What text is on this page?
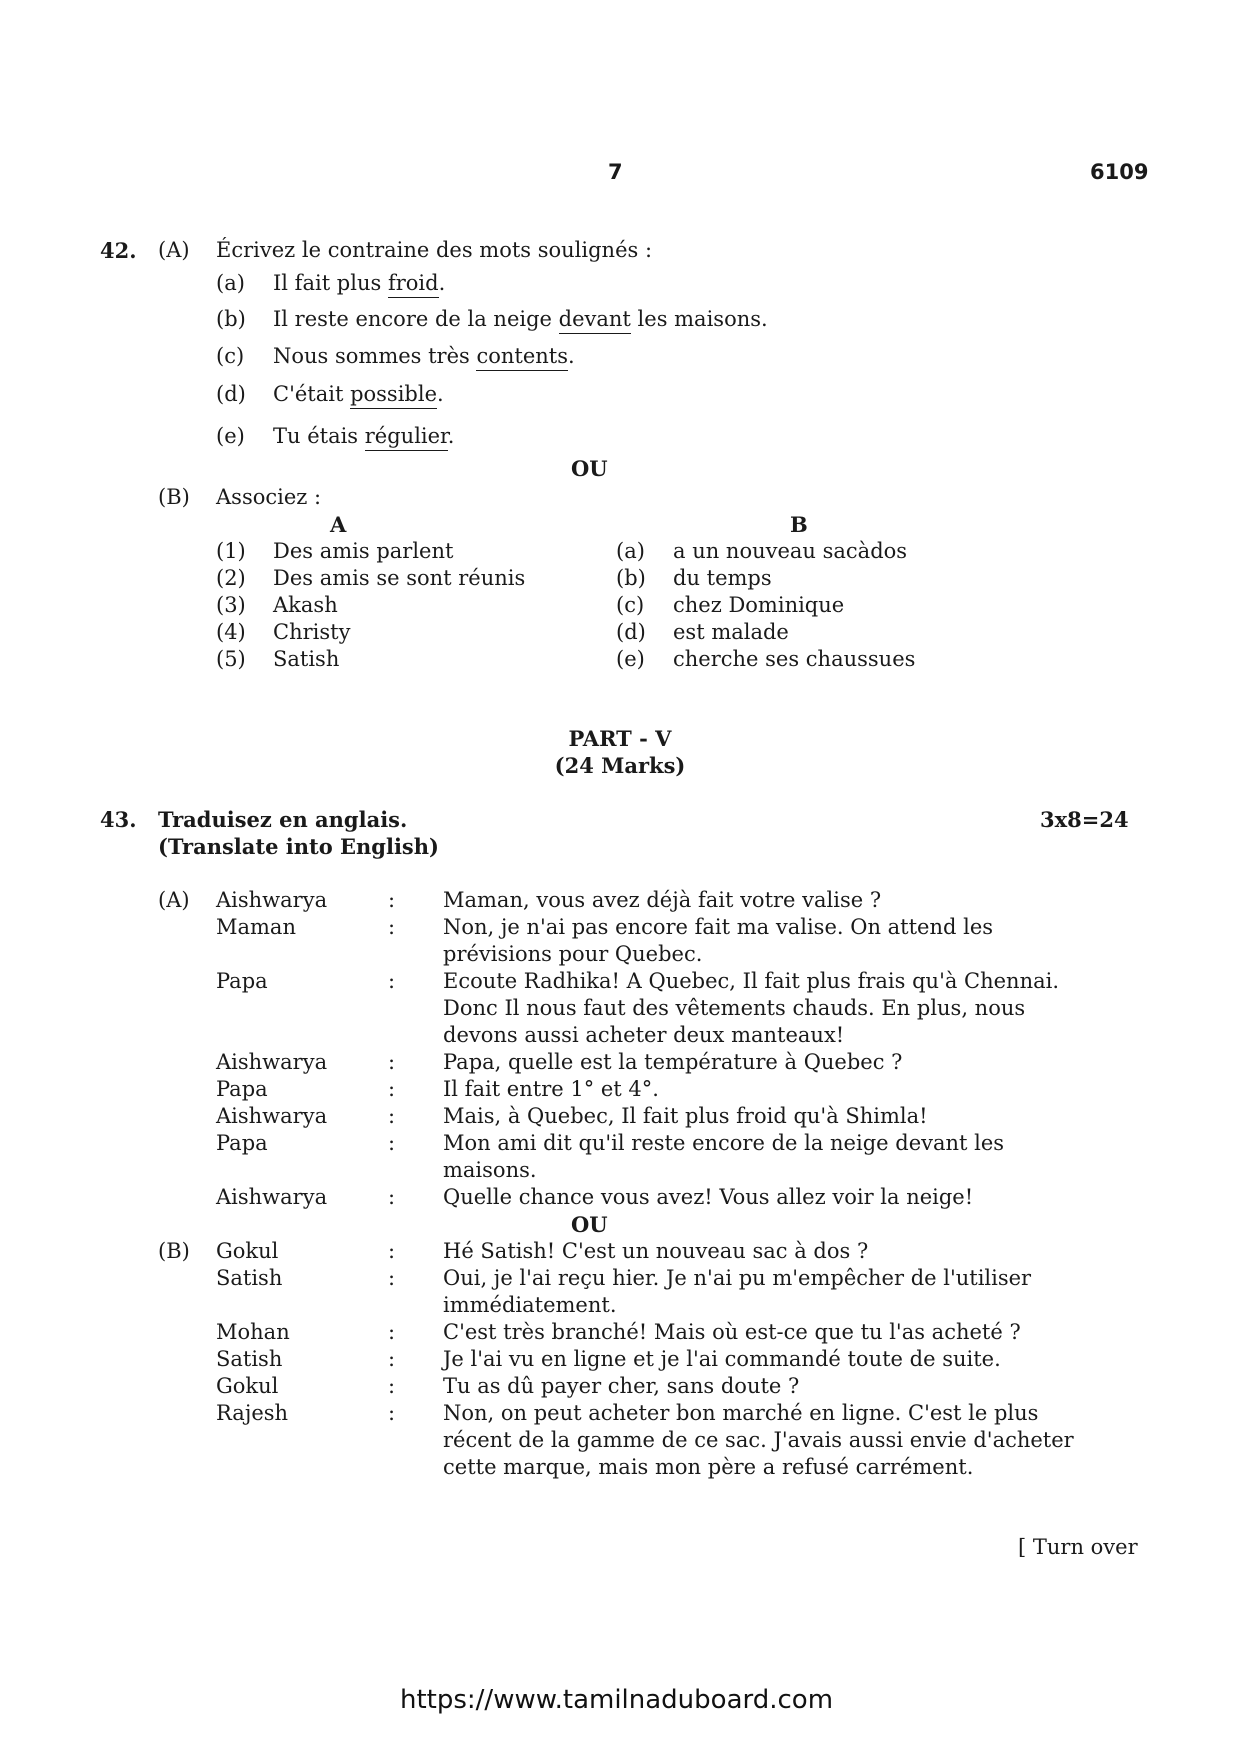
7	6109
42. (A) Écrivez le contraine des mots soulignés :
(a) Il fait plus froid.
(b) Il reste encore de la neige devant les maisons.
(c) Nous sommes très contents.
(d) C'était possible.
(e) Tu étais régulier.
OU
(B) Associez :
A	B
(1) Des amis parlent	(a) a un nouveau sacàdos
(2) Des amis se sont réunis	(b) du temps
(3) Akash	(c) chez Dominique
(4) Christy	(d) est malade
(5) Satish	(e) cherche ses chaussues
PART - V
(24 Marks)
43. Traduisez en anglais.
(Translate into English)
3x8=24
(A) Aishwarya	: Maman, vous avez déjà fait votre valise ?
Maman	: Non, je n'ai pas encore fait ma valise. On attend les prévisions pour Quebec.
Papa	: Ecoute Radhika! A Quebec, Il fait plus frais qu'à Chennai. Donc Il nous faut des vêtements chauds. En plus, nous devons aussi acheter deux manteaux!
Aishwarya	: Papa, quelle est la température à Quebec ?
Papa	: Il fait entre 1° et 4°.
Aishwarya	: Mais, à Quebec, Il fait plus froid qu'à Shimla!
Papa	: Mon ami dit qu'il reste encore de la neige devant les maisons.
Aishwarya	: Quelle chance vous avez! Vous allez voir la neige!
OU
(B) Gokul	: Hé Satish! C'est un nouveau sac à dos ?
Satish	: Oui, je l'ai reçu hier. Je n'ai pu m'empêcher de l'utiliser immédiatement.
Mohan	: C'est très branché! Mais où est-ce que tu l'as acheté ?
Satish	: Je l'ai vu en ligne et je l'ai commandé toute de suite.
Gokul	: Tu as dû payer cher, sans doute ?
Rajesh	: Non, on peut acheter bon marché en ligne. C'est le plus récent de la gamme de ce sac. J'avais aussi envie d'acheter cette marque, mais mon père a refusé carrément.
[ Turn over
https://www.tamilnaduboard.com
